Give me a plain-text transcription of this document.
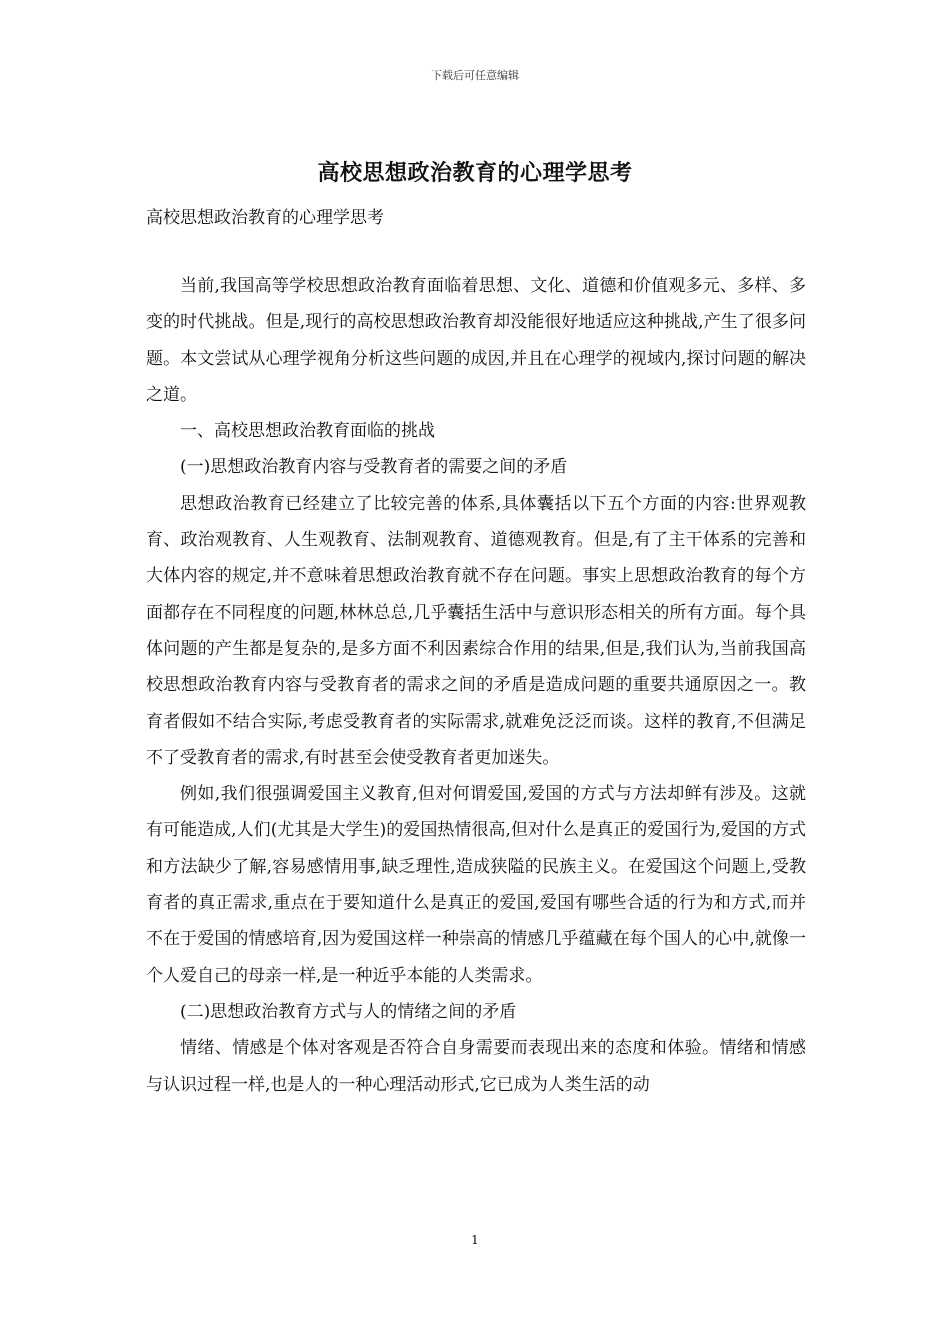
下载后可任意编辑
高校思想政治教育的心理学思考
高校思想政治教育的心理学思考

当前,我国高等学校思想政治教育面临着思想、文化、道德和价值观多元、多样、多变的时代挑战。但是,现行的高校思想政治教育却没能很好地适应这种挑战,产生了很多问题。本文尝试从心理学视角分析这些问题的成因,并且在心理学的视域内,探讨问题的解决之道。

一、高校思想政治教育面临的挑战

(一)思想政治教育内容与受教育者的需要之间的矛盾

思想政治教育已经建立了比较完善的体系,具体囊括以下五个方面的内容:世界观教育、政治观教育、人生观教育、法制观教育、道德观教育。但是,有了主干体系的完善和大体内容的规定,并不意味着思想政治教育就不存在问题。事实上思想政治教育的每个方面都存在不同程度的问题,林林总总,几乎囊括生活中与意识形态相关的所有方面。每个具体问题的产生都是复杂的,是多方面不利因素综合作用的结果,但是,我们认为,当前我国高校思想政治教育内容与受教育者的需求之间的矛盾是造成问题的重要共通原因之一。教育者假如不结合实际,考虑受教育者的实际需求,就难免泛泛而谈。这样的教育,不但满足不了受教育者的需求,有时甚至会使受教育者更加迷失。

例如,我们很强调爱国主义教育,但对何谓爱国,爱国的方式与方法却鲜有涉及。这就有可能造成,人们(尤其是大学生)的爱国热情很高,但对什么是真正的爱国行为,爱国的方式和方法缺少了解,容易感情用事,缺乏理性,造成狭隘的民族主义。在爱国这个问题上,受教育者的真正需求,重点在于要知道什么是真正的爱国,爱国有哪些合适的行为和方式,而并不在于爱国的情感培育,因为爱国这样一种崇高的情感几乎蕴藏在每个国人的心中,就像一个人爱自己的母亲一样,是一种近乎本能的人类需求。

(二)思想政治教育方式与人的情绪之间的矛盾

情绪、情感是个体对客观是否符合自身需要而表现出来的态度和体验。情绪和情感与认识过程一样,也是人的一种心理活动形式,它已成为人类生活的动

1
